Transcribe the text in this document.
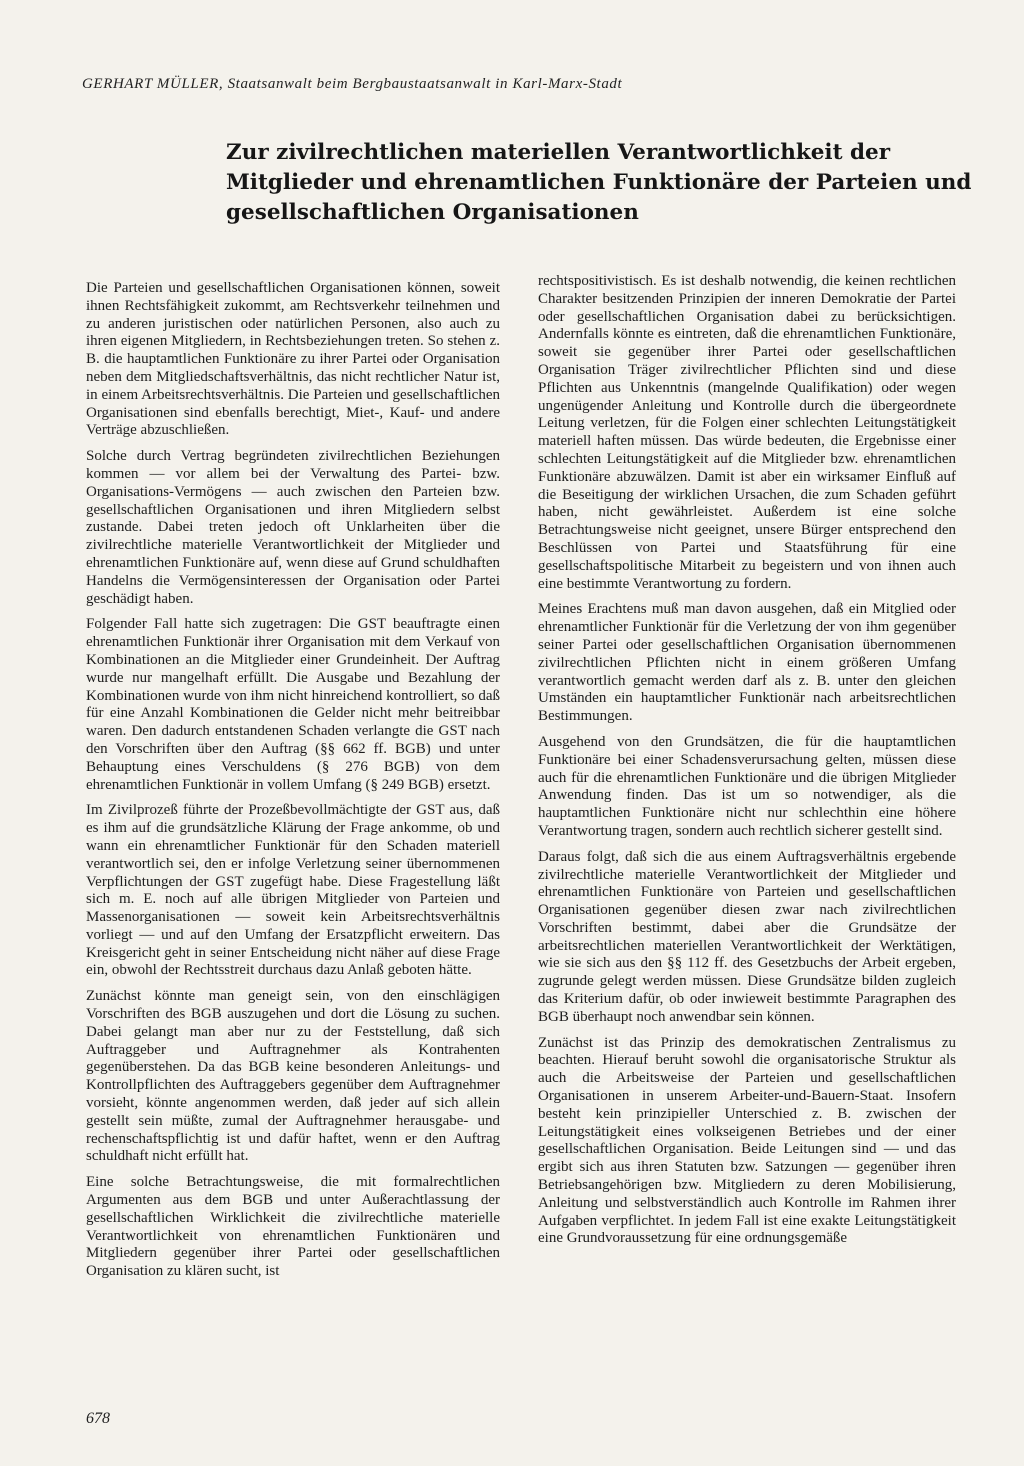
GERHART MÜLLER, Staatsanwalt beim Bergbaustaatsanwalt in Karl-Marx-Stadt
Zur zivilrechtlichen materiellen Verantwortlichkeit der Mitglieder und ehrenamtlichen Funktionäre der Parteien und gesellschaftlichen Organisationen

Die Parteien und gesellschaftlichen Organisationen können, soweit ihnen Rechtsfähigkeit zukommt, am Rechtsverkehr teilnehmen und zu anderen juristischen oder natürlichen Personen, also auch zu ihren eigenen Mitgliedern, in Rechtsbeziehungen treten. So stehen z. B. die hauptamtlichen Funktionäre zu ihrer Partei oder Organisation neben dem Mitgliedschaftsverhältnis, das nicht rechtlicher Natur ist, in einem Arbeitsrechtsverhältnis. Die Parteien und gesellschaftlichen Organisationen sind ebenfalls berechtigt, Miet-, Kauf- und andere Verträge abzuschließen.

Solche durch Vertrag begründeten zivilrechtlichen Beziehungen kommen — vor allem bei der Verwaltung des Partei- bzw. Organisations-Vermögens — auch zwischen den Parteien bzw. gesellschaftlichen Organisationen und ihren Mitgliedern selbst zustande. Dabei treten jedoch oft Unklarheiten über die zivilrechtliche materielle Verantwortlichkeit der Mitglieder und ehrenamtlichen Funktionäre auf, wenn diese auf Grund schuldhaften Handelns die Vermögensinteressen der Organisation oder Partei geschädigt haben.

Folgender Fall hatte sich zugetragen: Die GST beauftragte einen ehrenamtlichen Funktionär ihrer Organisation mit dem Verkauf von Kombinationen an die Mitglieder einer Grundeinheit. Der Auftrag wurde nur mangelhaft erfüllt. Die Ausgabe und Bezahlung der Kombinationen wurde von ihm nicht hinreichend kontrolliert, so daß für eine Anzahl Kombinationen die Gelder nicht mehr beitreibbar waren. Den dadurch entstandenen Schaden verlangte die GST nach den Vorschriften über den Auftrag (§§ 662 ff. BGB) und unter Behauptung eines Verschuldens (§ 276 BGB) von dem ehrenamtlichen Funktionär in vollem Umfang (§ 249 BGB) ersetzt.

Im Zivilprozeß führte der Prozeßbevollmächtigte der GST aus, daß es ihm auf die grundsätzliche Klärung der Frage ankomme, ob und wann ein ehrenamtlicher Funktionär für den Schaden materiell verantwortlich sei, den er infolge Verletzung seiner übernommenen Verpflichtungen der GST zugefügt habe. Diese Fragestellung läßt sich m. E. noch auf alle übrigen Mitglieder von Parteien und Massenorganisationen — soweit kein Arbeitsrechtsverhältnis vorliegt — und auf den Umfang der Ersatzpflicht erweitern. Das Kreisgericht geht in seiner Entscheidung nicht näher auf diese Frage ein, obwohl der Rechtsstreit durchaus dazu Anlaß geboten hätte.

Zunächst könnte man geneigt sein, von den einschlägigen Vorschriften des BGB auszugehen und dort die Lösung zu suchen. Dabei gelangt man aber nur zu der Feststellung, daß sich Auftraggeber und Auftragnehmer als Kontrahenten gegenüberstehen. Da das BGB keine besonderen Anleitungs- und Kontrollpflichten des Auftraggebers gegenüber dem Auftragnehmer vorsieht, könnte angenommen werden, daß jeder auf sich allein gestellt sein müßte, zumal der Auftragnehmer herausgabe- und rechenschaftspflichtig ist und dafür haftet, wenn er den Auftrag schuldhaft nicht erfüllt hat.

Eine solche Betrachtungsweise, die mit formalrechtlichen Argumenten aus dem BGB und unter Außerachtlassung der gesellschaftlichen Wirklichkeit die zivilrechtliche materielle Verantwortlichkeit von ehrenamtlichen Funktionären und Mitgliedern gegenüber ihrer Partei oder gesellschaftlichen Organisation zu klären sucht, ist

rechtspositivistisch. Es ist deshalb notwendig, die keinen rechtlichen Charakter besitzenden Prinzipien der inneren Demokratie der Partei oder gesellschaftlichen Organisation dabei zu berücksichtigen. Andernfalls könnte es eintreten, daß die ehrenamtlichen Funktionäre, soweit sie gegenüber ihrer Partei oder gesellschaftlichen Organisation Träger zivilrechtlicher Pflichten sind und diese Pflichten aus Unkenntnis (mangelnde Qualifikation) oder wegen ungenügender Anleitung und Kontrolle durch die übergeordnete Leitung verletzen, für die Folgen einer schlechten Leitungstätigkeit materiell haften müssen. Das würde bedeuten, die Ergebnisse einer schlechten Leitungstätigkeit auf die Mitglieder bzw. ehrenamtlichen Funktionäre abzuwälzen. Damit ist aber ein wirksamer Einfluß auf die Beseitigung der wirklichen Ursachen, die zum Schaden geführt haben, nicht gewährleistet. Außerdem ist eine solche Betrachtungsweise nicht geeignet, unsere Bürger entsprechend den Beschlüssen von Partei und Staatsführung für eine gesellschaftspolitische Mitarbeit zu begeistern und von ihnen auch eine bestimmte Verantwortung zu fordern.

Meines Erachtens muß man davon ausgehen, daß ein Mitglied oder ehrenamtlicher Funktionär für die Verletzung der von ihm gegenüber seiner Partei oder gesellschaftlichen Organisation übernommenen zivilrechtlichen Pflichten nicht in einem größeren Umfang verantwortlich gemacht werden darf als z. B. unter den gleichen Umständen ein hauptamtlicher Funktionär nach arbeitsrechtlichen Bestimmungen.

Ausgehend von den Grundsätzen, die für die hauptamtlichen Funktionäre bei einer Schadensverursachung gelten, müssen diese auch für die ehrenamtlichen Funktionäre und die übrigen Mitglieder Anwendung finden. Das ist um so notwendiger, als die hauptamtlichen Funktionäre nicht nur schlechthin eine höhere Verantwortung tragen, sondern auch rechtlich sicherer gestellt sind.

Daraus folgt, daß sich die aus einem Auftragsverhältnis ergebende zivilrechtliche materielle Verantwortlichkeit der Mitglieder und ehrenamtlichen Funktionäre von Parteien und gesellschaftlichen Organisationen gegenüber diesen zwar nach zivilrechtlichen Vorschriften bestimmt, dabei aber die Grundsätze der arbeitsrechtlichen materiellen Verantwortlichkeit der Werktätigen, wie sie sich aus den §§ 112 ff. des Gesetzbuchs der Arbeit ergeben, zugrunde gelegt werden müssen. Diese Grundsätze bilden zugleich das Kriterium dafür, ob oder inwieweit bestimmte Paragraphen des BGB überhaupt noch anwendbar sein können.

Zunächst ist das Prinzip des demokratischen Zentralismus zu beachten. Hierauf beruht sowohl die organisatorische Struktur als auch die Arbeitsweise der Parteien und gesellschaftlichen Organisationen in unserem Arbeiter-und-Bauern-Staat. Insofern besteht kein prinzipieller Unterschied z. B. zwischen der Leitungstätigkeit eines volkseigenen Betriebes und der einer gesellschaftlichen Organisation. Beide Leitungen sind — und das ergibt sich aus ihren Statuten bzw. Satzungen — gegenüber ihren Betriebsangehörigen bzw. Mitgliedern zu deren Mobilisierung, Anleitung und selbstverständlich auch Kontrolle im Rahmen ihrer Aufgaben verpflichtet. In jedem Fall ist eine exakte Leitungstätigkeit eine Grundvoraussetzung für eine ordnungsgemäße

678
